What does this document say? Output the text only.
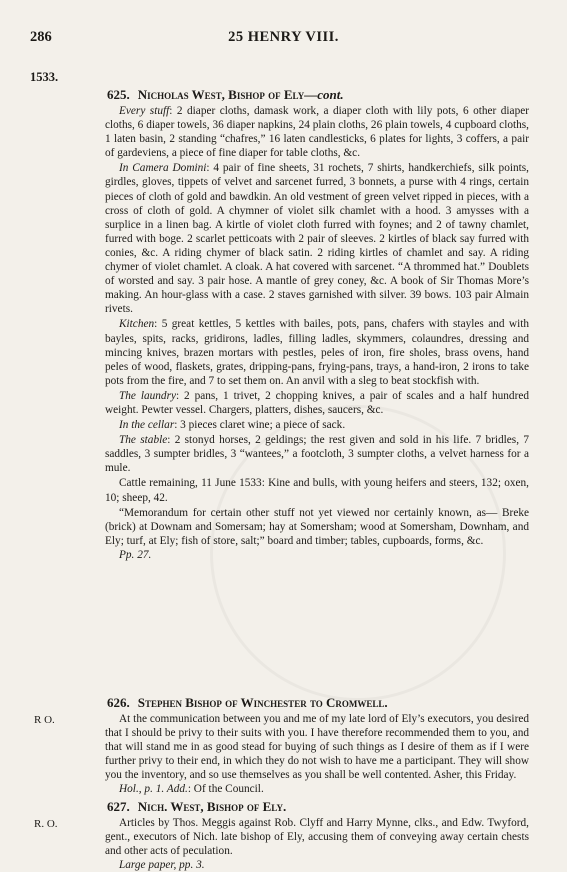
286	25 HENRY VIII.
1533.
625. Nicholas West, Bishop of Ely—cont.

Every stuff: 2 diaper cloths, damask work, a diaper cloth with lily pots, 6 other diaper cloths, 6 diaper towels, 36 diaper napkins, 24 plain cloths, 26 plain towels, 4 cupboard cloths, 1 laten basin, 2 standing “chafres,” 16 laten candlesticks, 6 plates for lights, 3 coffers, a pair of gardeviens, a piece of fine diaper for table cloths, &c.

In Camera Domini: 4 pair of fine sheets, 31 rochets, 7 shirts, handkerchiefs, silk points, girdles, gloves, tippets of velvet and sarcenet furred, 3 bonnets, a purse with 4 rings, certain pieces of cloth of gold and bawdkin. An old vestment of green velvet ripped in pieces, with a cross of cloth of gold. A chymner of violet silk chamlet with a hood. 3 amysses with a surplice in a linen bag. A kirtle of violet cloth furred with foynes; and 2 of tawny chamlet, furred with boge. 2 scarlet petticoats with 2 pair of sleeves. 2 kirtles of black say furred with conies, &c. A riding chymer of black satin. 2 riding kirtles of chamlet and say. A riding chymer of violet chamlet. A cloak. A hat covered with sarcenet. “A thrommed hat.” Doublets of worsted and say. 3 pair hose. A mantle of grey coney, &c. A book of Sir Thomas More’s making. An hour-glass with a case. 2 staves garnished with silver. 39 bows. 103 pair Almain rivets.

Kitchen: 5 great kettles, 5 kettles with bailes, pots, pans, chafers with stayles and with bayles, spits, racks, gridirons, ladles, filling ladles, skymmers, colaundres, dressing and mincing knives, brazen mortars with pestles, peles of iron, fire sholes, brass ovens, hand peles of wood, flaskets, grates, dripping-pans, frying-pans, trays, a hand-iron, 2 irons to take pots from the fire, and 7 to set them on. An anvil with a sleg to beat stockfish with.

The laundry: 2 pans, 1 trivet, 2 chopping knives, a pair of scales and a half hundred weight. Pewter vessel. Chargers, platters, dishes, saucers, &c.

In the cellar: 3 pieces claret wine; a piece of sack.

The stable: 2 stonyd horses, 2 geldings; the rest given and sold in his life. 7 bridles, 7 saddles, 3 sumpter bridles, 3 “wantees,” a footcloth, 3 sumpter cloths, a velvet harness for a mule.

Cattle remaining, 11 June 1533: Kine and bulls, with young heifers and steers, 132; oxen, 10; sheep, 42.

“Memorandum for certain other stuff not yet viewed nor certainly known, as— Breke (brick) at Downam and Somersam; hay at Somersham; wood at Somersham, Downham, and Ely; turf, at Ely; fish of store, salt;” board and timber; tables, cupboards, forms, &c.

Pp. 27.

626. Stephen Bishop of Winchester to Cromwell.
R O.	At the communication between you and me of my late lord of Ely’s executors, you desired that I should be privy to their suits with you. I have therefore recommended them to you, and that will stand me in as good stead for buying of such things as I desire of them as if I were further privy to their end, in which they do not wish to have me a participant. They will show you the inventory, and so use themselves as you shall be well contented. Asher, this Friday.

Hol., p. 1. Add.: Of the Council.

627. Nich. West, Bishop of Ely.
R. O.	Articles by Thos. Meggis against Rob. Clyff and Harry Mynne, clks., and Edw. Twyford, gent., executors of Nich. late bishop of Ely, accusing them of conveying away certain chests and other acts of peculation.

Large paper, pp. 3.
